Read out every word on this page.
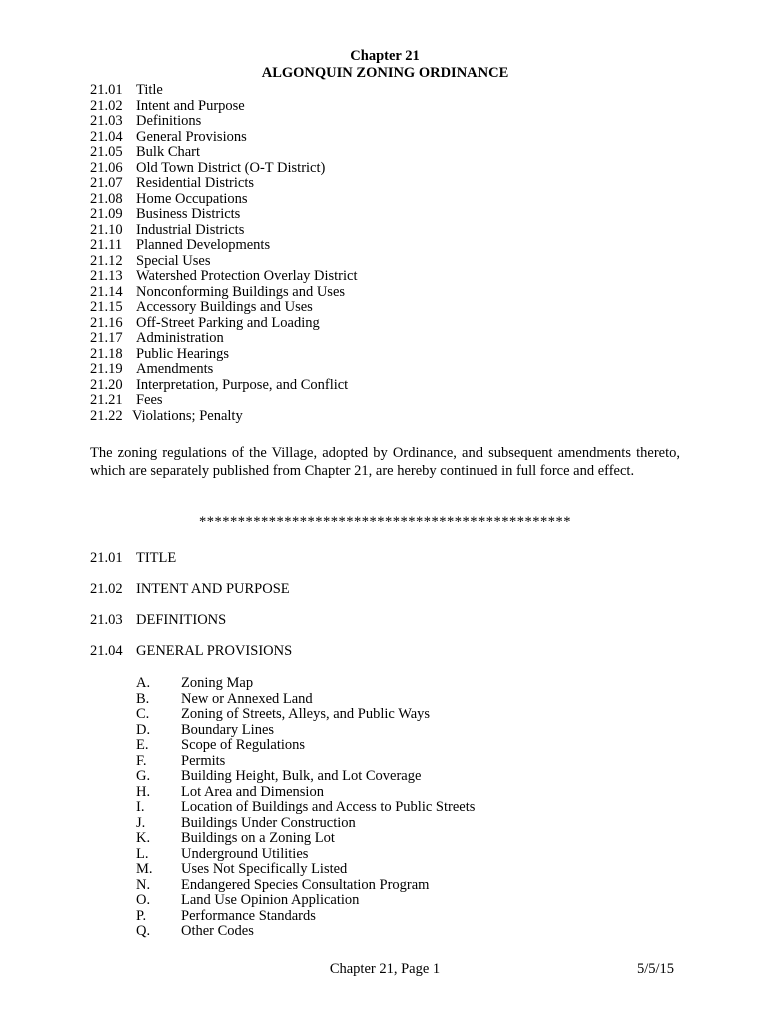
Chapter 21
ALGONQUIN ZONING ORDINANCE
21.01 Title
21.02 Intent and Purpose
21.03 Definitions
21.04 General Provisions
21.05 Bulk Chart
21.06 Old Town District (O-T District)
21.07 Residential Districts
21.08 Home Occupations
21.09 Business Districts
21.10 Industrial Districts
21.11 Planned Developments
21.12 Special Uses
21.13 Watershed Protection Overlay District
21.14 Nonconforming Buildings and Uses
21.15 Accessory Buildings and Uses
21.16 Off-Street Parking and Loading
21.17 Administration
21.18 Public Hearings
21.19 Amendments
21.20 Interpretation, Purpose, and Conflict
21.21 Fees
21.22 Violations; Penalty
The zoning regulations of the Village, adopted by Ordinance, and subsequent amendments thereto, which are separately published from Chapter 21, are hereby continued in full force and effect.
************************************************
21.01 TITLE
21.02 INTENT AND PURPOSE
21.03 DEFINITIONS
21.04 GENERAL PROVISIONS
A. Zoning Map
B. New or Annexed Land
C. Zoning of Streets, Alleys, and Public Ways
D. Boundary Lines
E. Scope of Regulations
F. Permits
G. Building Height, Bulk, and Lot Coverage
H. Lot Area and Dimension
I.	Location of Buildings and Access to Public Streets
J. Buildings Under Construction
K. Buildings on a Zoning Lot
L. Underground Utilities
M. Uses Not Specifically Listed
N. Endangered Species Consultation Program
O. Land Use Opinion Application
P. Performance Standards
Q. Other Codes
Chapter 21, Page 1	5/5/15
